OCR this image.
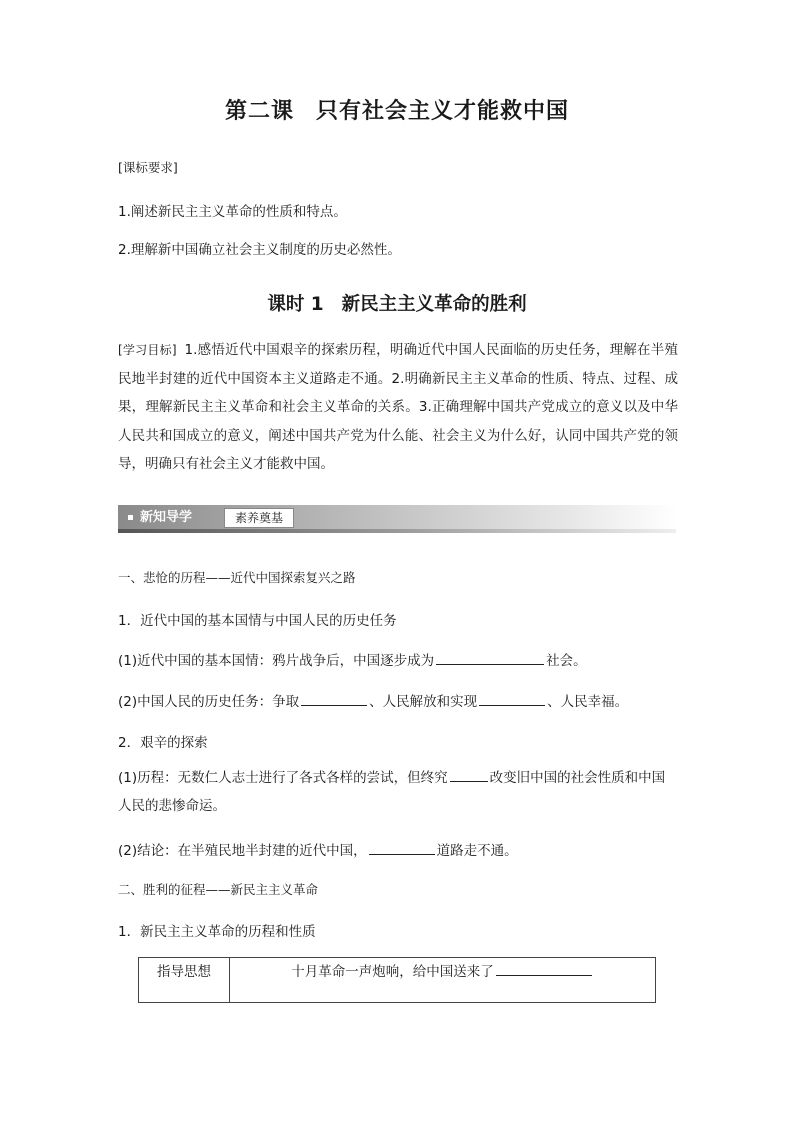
第二课 只有社会主义才能救中国
[课标要求]
1.阐述新民主主义革命的性质和特点。
2.理解新中国确立社会主义制度的历史必然性。
课时 1 新民主主义革命的胜利
[学习目标] 1.感悟近代中国艰辛的探索历程，明确近代中国人民面临的历史任务，理解在半殖民地半封建的近代中国资本主义道路走不通。2.明确新民主主义革命的性质、特点、过程、成果，理解新民主主义革命和社会主义革命的关系。3.正确理解中国共产党成立的意义以及中华人民共和国成立的意义，阐述中国共产党为什么能、社会主义为什么好，认同中国共产党的领导，明确只有社会主义才能救中国。
新知导学	素养奠基
一、悲怆的历程——近代中国探索复兴之路
1．近代中国的基本国情与中国人民的历史任务
(1)近代中国的基本国情：鸦片战争后，中国逐步成为	社会。
(2)中国人民的历史任务：争取	、人民解放和实现	、人民幸福。
2．艰辛的探索
(1)历程：无数仁人志士进行了各式各样的尝试，但终究	改变旧中国的社会性质和中国人民的悲惨命运。
(2)结论：在半殖民地半封建的近代中国，	道路走不通。
二、胜利的征程——新民主主义革命
1．新民主主义革命的历程和性质
指导思想	十月革命一声炮响，给中国送来了
